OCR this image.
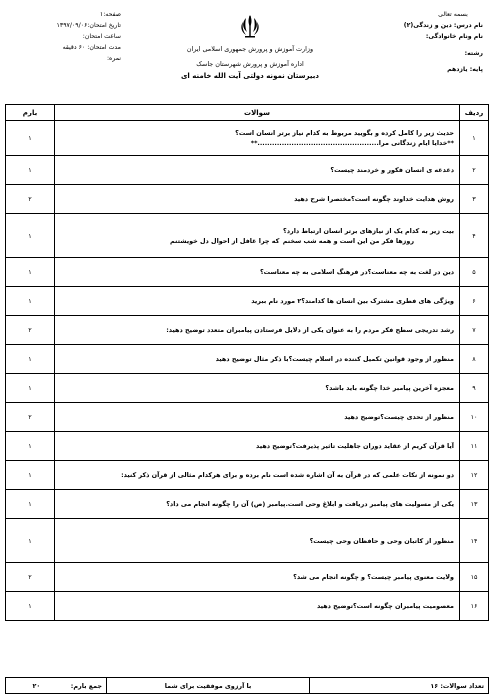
بسمه تعالی
نام درس: دین و زندگی(۲)
نام ونام خانوادگی:
رشته:
پایه: یازدهم
وزارت آموزش و پرورش جمهوری اسلامی ایران
اداره آموزش و پرورش شهرستان جاسک
دبیرستان نمونه دولتی آیت الله خامنه ای
صفحه:۱
تاریخ امتحان:۱۳۹۷/۰۹/۰۶
ساعت امتحان:
مدت امتحان: ۶۰ دقیقه
نمره:
ردیف	سوالات	بارم
۱	حدیث زیر را کامل کرده و بگویید مربوط به کدام نیاز برتر انسان است؟
**خدایا ایام زندگانی مرا..................................................**	۱
۲	دغدغه ی انسان فکور و خردمند چیست؟	۱
۳	روش هدایت خداوند چگونه است؟مختصرا شرح دهید	۲
۴	بیت زیر به کدام یک از نیازهای برتر انسان ارتباط دارد؟
روزها فکر من این است و همه شب سخنم
که چرا غافل از احوال دل خویشتنم	۱
۵	دین در لغت به چه معناست؟در فرهنگ اسلامی به چه معناست؟	۱
۶	ویژگی های فطری مشترک بین انسان ها کدامند؟۲ مورد نام ببرید	۱
۷	رشد تدریجی سطح فکر مردم را به عنوان یکی از دلایل فرستادن پیامبران متعدد توضیح دهید:	۲
۸	منظور از وجود قوانین تکمیل کننده در اسلام چیست؟با ذکر مثال توضیح دهید	۱
۹	معجزه آخرین پیامبر خدا چگونه باید باشد؟	۱
۱۰	منظور از تحدی چیست؟توضیح دهید	۲
۱۱	آیا قرآن کریم از عقاید دوران جاهلیت تاثیر پذیرفت؟توضیح دهید	۱
۱۲	دو نمونه از نکات علمی که در قرآن به آن اشاره شده است نام برده و برای هرکدام مثالی از قرآن ذکر کنید:	۱
۱۳	یکی از مسولیت های پیامبر دریافت و ابلاغ وحی است.پیامبر (ص) آن را چگونه انجام می داد؟	۱
۱۴	منظور از کاتبان وحی و حافظان وحی چیست؟	۱
۱۵	ولایت معنوی پیامبر چیست؟ و چگونه انجام می شد؟	۲
۱۶	معصومیت پیامبران چگونه است؟توضیح دهید	۱
تعداد سوالات: ۱۶	با آرزوی موفقیت برای شما	جمع بارم:  ۲۰
